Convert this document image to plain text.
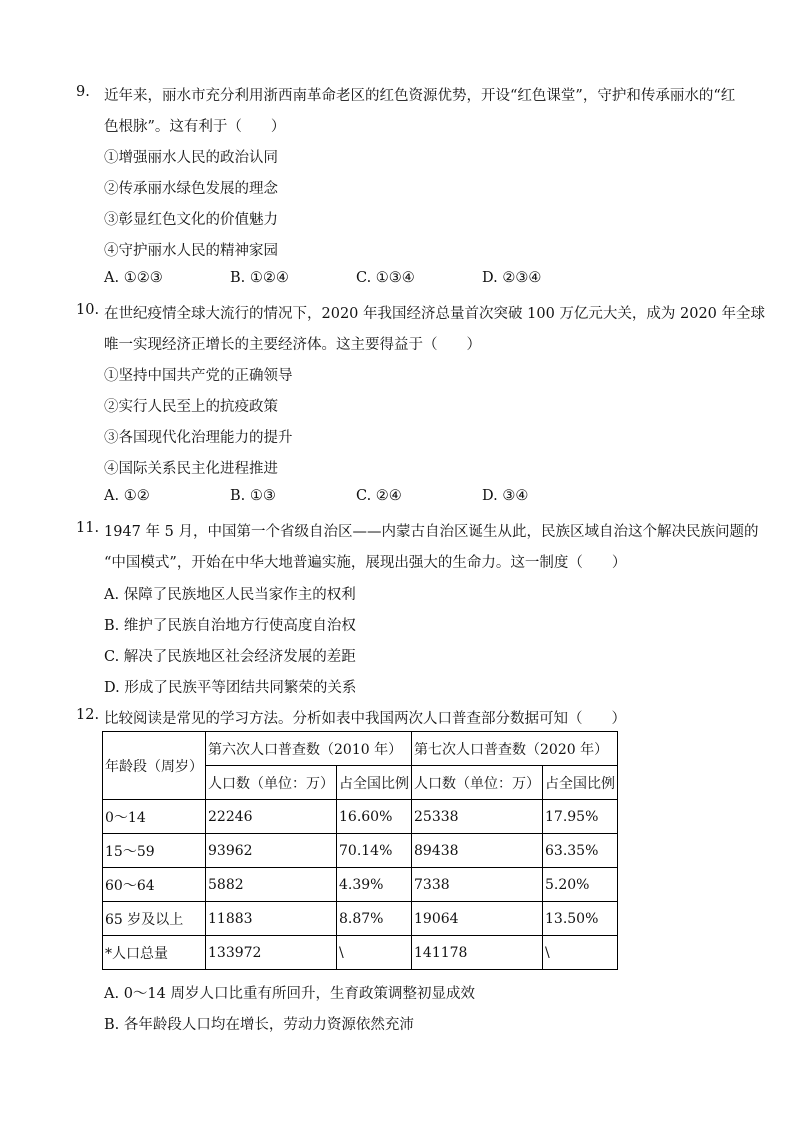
9. 近年来，丽水市充分利用浙西南革命老区的红色资源优势，开设“红色课堂”，守护和传承丽水的“红
色根脉”。这有利于（　　）
①增强丽水人民的政治认同
②传承丽水绿色发展的理念
③彰显红色文化的价值魅力
④守护丽水人民的精神家园
A. ①②③	B. ①②④	C. ①③④	D. ②③④
10. 在世纪疫情全球大流行的情况下，2020 年我国经济总量首次突破 100 万亿元大关，成为 2020 年全球
唯一实现经济正增长的主要经济体。这主要得益于（　　）
①坚持中国共产党的正确领导
②实行人民至上的抗疫政策
③各国现代化治理能力的提升
④国际关系民主化进程推进
A. ①②	B. ①③	C. ②④	D. ③④
11. 1947 年 5 月，中国第一个省级自治区——内蒙古自治区诞生从此，民族区域自治这个解决民族问题的
“中国模式”，开始在中华大地普遍实施，展现出强大的生命力。这一制度（　　）
A. 保障了民族地区人民当家作主的权利
B. 维护了民族自治地方行使高度自治权
C. 解决了民族地区社会经济发展的差距
D. 形成了民族平等团结共同繁荣的关系
12. 比较阅读是常见的学习方法。分析如表中我国两次人口普查部分数据可知（　　）
年龄段（周岁）	第六次人口普查数（2010 年）		第七次人口普查数（2020 年）	
	人口数（单位：万）	占全国比例	人口数（单位：万）	占全国比例
0～14	22246	16.60%	25338	17.95%
15～59	93962	70.14%	89438	63.35%
60～64	5882	4.39%	7338	5.20%
65 岁及以上	11883	8.87%	19064	13.50%
*人口总量	133972	\	141178	\
A. 0～14 周岁人口比重有所回升，生育政策调整初显成效
B. 各年龄段人口均在增长，劳动力资源依然充沛
